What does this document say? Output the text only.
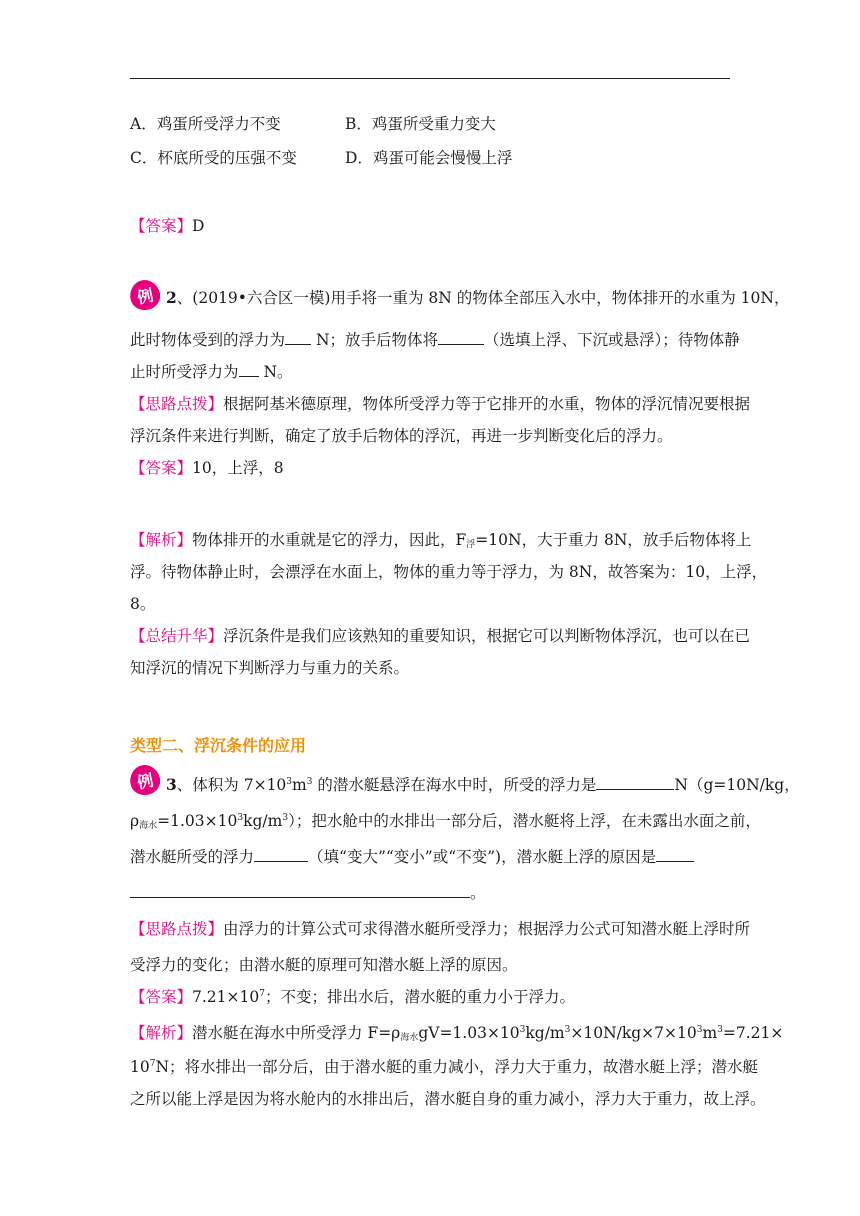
A．鸡蛋所受浮力不变	B．鸡蛋所受重力变大
C．杯底所受的压强不变	D．鸡蛋可能会慢慢上浮
【答案】D
例 2、(2019•六合区一模)用手将一重为 8N 的物体全部压入水中，物体排开的水重为 10N，
此时物体受到的浮力为 N；放手后物体将	（选填上浮、下沉或悬浮）；待物体静
止时所受浮力为 N。
【思路点拨】根据阿基米德原理，物体所受浮力等于它排开的水重，物体的浮沉情况要根据
浮沉条件来进行判断，确定了放手后物体的浮沉，再进一步判断变化后的浮力。
【答案】10，上浮，8
【解析】物体排开的水重就是它的浮力，因此，$F_浮=10N$，大于重力 8N，放手后物体将上
浮。待物体静止时，会漂浮在水面上，物体的重力等于浮力，为 8N，故答案为：10，上浮，
8。
【总结升华】浮沉条件是我们应该熟知的重要知识，根据它可以判断物体浮沉，也可以在已
知浮沉的情况下判断浮力与重力的关系。
类型二、浮沉条件的应用
例 3、体积为 $7\times 10^3m^3$ 的潜水艇悬浮在海水中时，所受的浮力是	N（g=10N/kg，
$\rho_{海水}=1.03\times 10^3kg/m^3$）；把水舱中的水排出一部分后，潜水艇将上浮，在未露出水面之前，
潜水艇所受的浮力	（填“变大”“变小”或“不变”)，潜水艇上浮的原因是
。
【思路点拨】由浮力的计算公式可求得潜水艇所受浮力；根据浮力公式可知潜水艇上浮时所
受浮力的变化；由潜水艇的原理可知潜水艇上浮的原因。
【答案】$7.21\times 10^7$；不变；排出水后，潜水艇的重力小于浮力。
【解析】潜水艇在海水中所受浮力 $F=\rho_{海水}gV=1.03\times 10^3kg/m^3\times 10N/kg\times 7\times 10^3m^3=7.21\times$
$10^7N$；将水排出一部分后，由于潜水艇的重力减小，浮力大于重力，故潜水艇上浮；潜水艇
之所以能上浮是因为将水舱内的水排出后，潜水艇自身的重力减小，浮力大于重力，故上浮。
